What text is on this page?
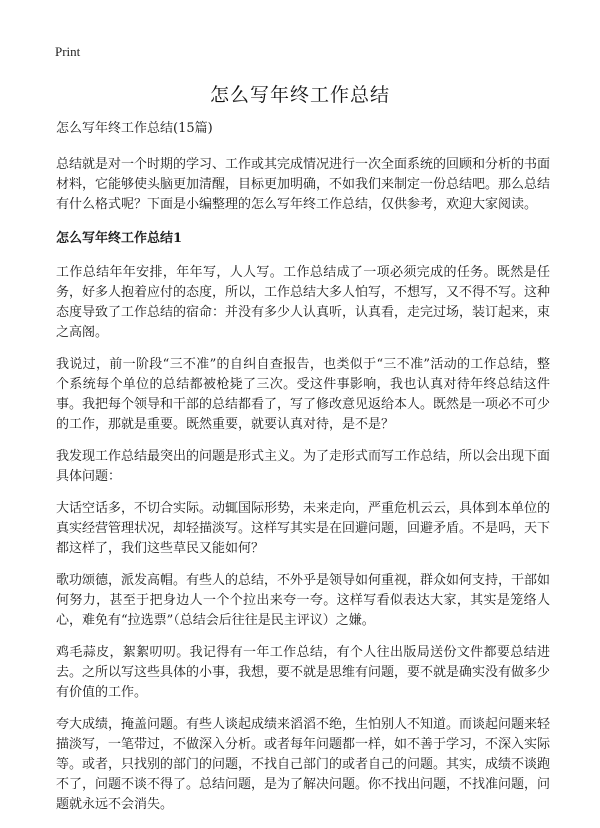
Print
怎么写年终工作总结

怎么写年终工作总结(15篇)

总结就是对一个时期的学习、工作或其完成情况进行一次全面系统的回顾和分析的书面材料，它能够使头脑更加清醒，目标更加明确，不如我们来制定一份总结吧。那么总结有什么格式呢？下面是小编整理的怎么写年终工作总结，仅供参考，欢迎大家阅读。

怎么写年终工作总结1

工作总结年年安排，年年写，人人写。工作总结成了一项必须完成的任务。既然是任务，好多人抱着应付的态度，所以，工作总结大多人怕写，不想写，又不得不写。这种态度导致了工作总结的宿命：并没有多少人认真听，认真看，走完过场，装订起来，束之高阁。

我说过，前一阶段“三不准”的自纠自查报告，也类似于“三不准”活动的工作总结，整个系统每个单位的总结都被枪毙了三次。受这件事影响，我也认真对待年终总结这件事。我把每个领导和干部的总结都看了，写了修改意见返给本人。既然是一项必不可少的工作，那就是重要。既然重要，就要认真对待，是不是？

我发现工作总结最突出的问题是形式主义。为了走形式而写工作总结，所以会出现下面具体问题：

大话空话多，不切合实际。动辄国际形势，未来走向，严重危机云云，具体到本单位的真实经营管理状况，却轻描淡写。这样写其实是在回避问题，回避矛盾。不是吗，天下都这样了，我们这些草民又能如何？

歌功颂德，派发高帽。有些人的总结，不外乎是领导如何重视，群众如何支持，干部如何努力，甚至于把身边人一个个拉出来夸一夸。这样写看似表达大家，其实是笼络人心，难免有“拉选票”（总结会后往往是民主评议）之嫌。

鸡毛蒜皮，絮絮叨叨。我记得有一年工作总结，有个人往出版局送份文件都要总结进去。之所以写这些具体的小事，我想，要不就是思维有问题，要不就是确实没有做多少有价值的工作。

夸大成绩，掩盖问题。有些人谈起成绩来滔滔不绝，生怕别人不知道。而谈起问题来轻描淡写，一笔带过，不做深入分析。或者每年问题都一样，如不善于学习，不深入实际等。或者，只找别的部门的问题，不找自己部门的或者自己的问题。其实，成绩不谈跑不了，问题不谈不得了。总结问题，是为了解决问题。你不找出问题，不找准问题，问题就永远不会消失。
